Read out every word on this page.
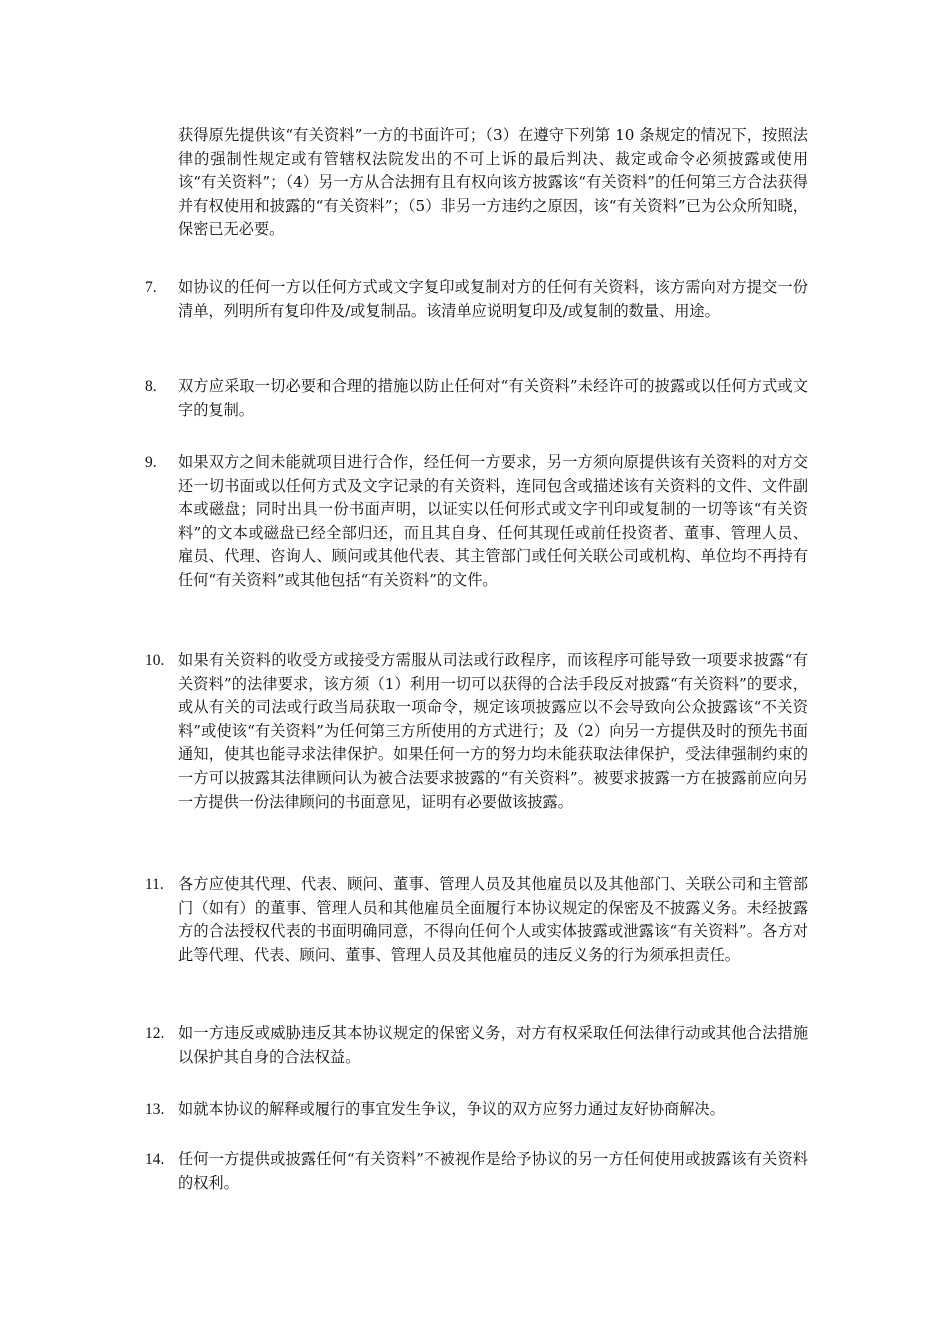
获得原先提供该“有关资料”一方的书面许可；（3）在遵守下列第 10 条规定的情况下，按照法律的强制性规定或有管辖权法院发出的不可上诉的最后判决、裁定或命令必须披露或使用该“有关资料”；（4）另一方从合法拥有且有权向该方披露该“有关资料”的任何第三方合法获得并有权使用和披露的“有关资料”；（5）非另一方违约之原因，该“有关资料”已为公众所知晓，保密已无必要。

7. 如协议的任何一方以任何方式或文字复印或复制对方的任何有关资料，该方需向对方提交一份清单，列明所有复印件及/或复制品。该清单应说明复印及/或复制的数量、用途。
8. 双方应采取一切必要和合理的措施以防止任何对“有关资料”未经许可的披露或以任何方式或文字的复制。
9. 如果双方之间未能就项目进行合作，经任何一方要求，另一方须向原提供该有关资料的对方交还一切书面或以任何方式及文字记录的有关资料，连同包含或描述该有关资料的文件、文件副本或磁盘；同时出具一份书面声明，以证实以任何形式或文字刊印或复制的一切等该“有关资料”的文本或磁盘已经全部归还，而且其自身、任何其现任或前任投资者、董事、管理人员、雇员、代理、咨询人、顾问或其他代表、其主管部门或任何关联公司或机构、单位均不再持有任何“有关资料”或其他包括“有关资料”的文件。
10. 如果有关资料的收受方或接受方需服从司法或行政程序，而该程序可能导致一项要求披露“有关资料”的法律要求，该方须（1）利用一切可以获得的合法手段反对披露“有关资料”的要求，或从有关的司法或行政当局获取一项命令，规定该项披露应以不会导致向公众披露该“不关资料”或使该“有关资料”为任何第三方所使用的方式进行；及（2）向另一方提供及时的预先书面通知，使其也能寻求法律保护。如果任何一方的努力均未能获取法律保护，受法律强制约束的一方可以披露其法律顾问认为被合法要求披露的“有关资料”。被要求披露一方在披露前应向另一方提供一份法律顾问的书面意见，证明有必要做该披露。
11. 各方应使其代理、代表、顾问、董事、管理人员及其他雇员以及其他部门、关联公司和主管部门（如有）的董事、管理人员和其他雇员全面履行本协议规定的保密及不披露义务。未经披露方的合法授权代表的书面明确同意，不得向任何个人或实体披露或泄露该“有关资料”。各方对此等代理、代表、顾问、董事、管理人员及其他雇员的违反义务的行为须承担责任。
12. 如一方违反或威胁违反其本协议规定的保密义务，对方有权采取任何法律行动或其他合法措施以保护其自身的合法权益。
13. 如就本协议的解释或履行的事宜发生争议，争议的双方应努力通过友好协商解决。
14. 任何一方提供或披露任何“有关资料”不被视作是给予协议的另一方任何使用或披露该有关资料的权利。
